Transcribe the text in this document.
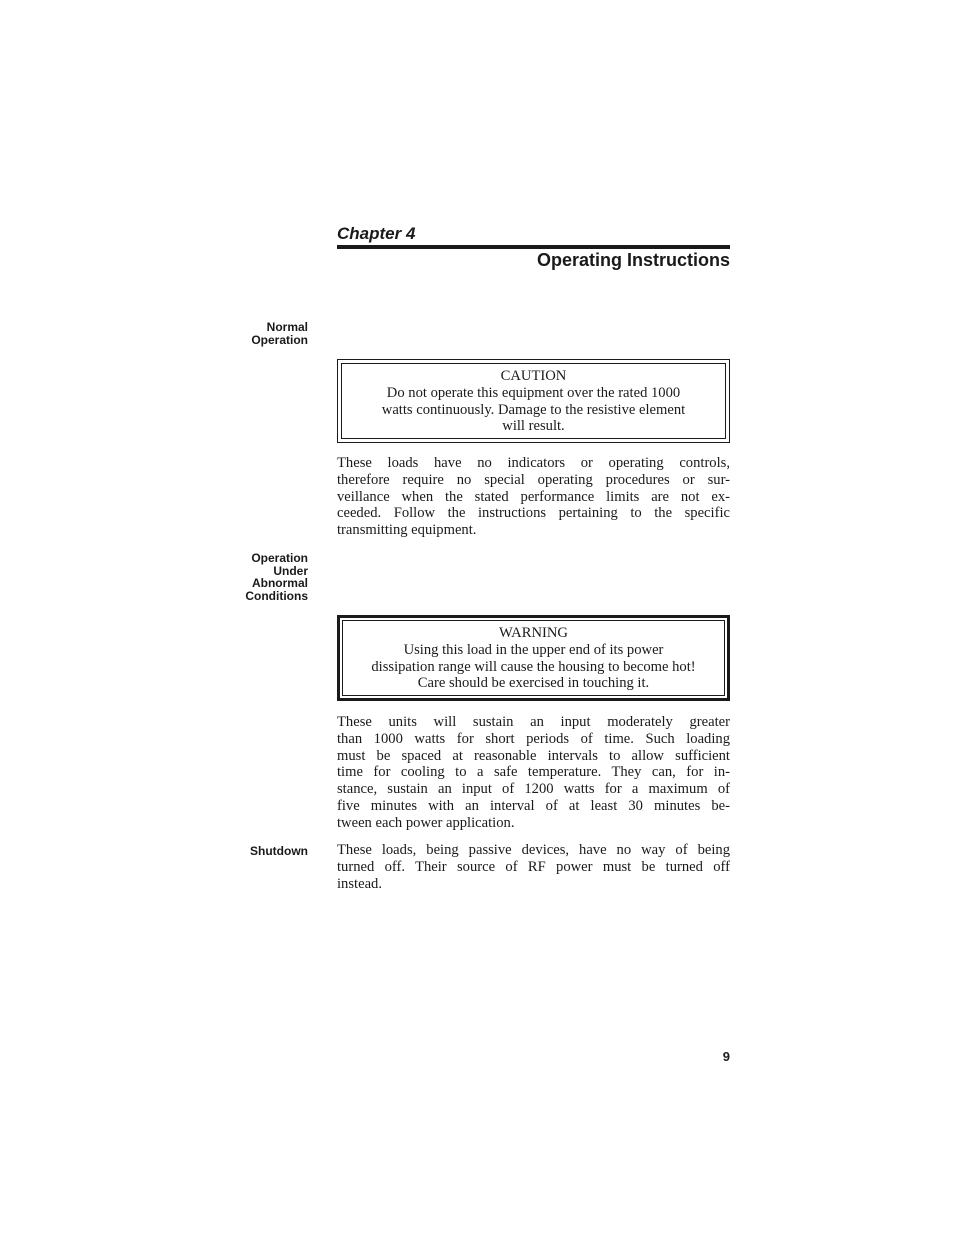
Chapter 4
Operating Instructions
Normal
Operation
CAUTION
Do not operate this equipment over the rated 1000
watts continuously. Damage to the resistive element
will result.
These loads have no indicators or operating controls,
therefore require no special operating procedures or sur-
veillance when the stated performance limits are not ex-
ceeded. Follow the instructions pertaining to the specific
transmitting equipment.
Operation
Under
Abnormal
Conditions
WARNING
Using this load in the upper end of its power
dissipation range will cause the housing to become hot!
Care should be exercised in touching it.
These units will sustain an input moderately greater
than 1000 watts for short periods of time. Such loading
must be spaced at reasonable intervals to allow sufficient
time for cooling to a safe temperature. They can, for in-
stance, sustain an input of 1200 watts for a maximum of
five minutes with an interval of at least 30 minutes be-
tween each power application.
Shutdown These loads, being passive devices, have no way of being
turned off. Their source of RF power must be turned off
instead.
9
